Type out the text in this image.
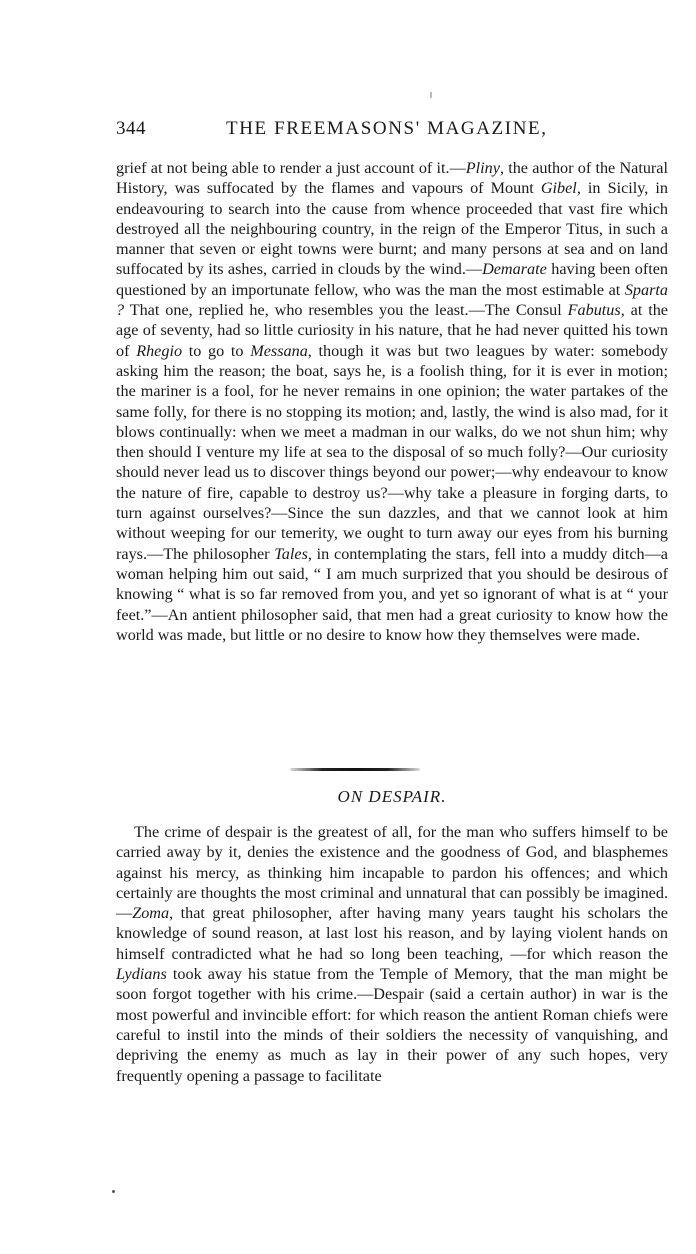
344	THE FREEMASONS' MAGAZINE,

grief at not being able to render a just account of it.—Pliny, the author of the Natural History, was suffocated by the flames and vapours of Mount Gibel, in Sicily, in endeavouring to search into the cause from whence proceeded that vast fire which destroyed all the neighbouring country, in the reign of the Emperor Titus, in such a manner that seven or eight towns were burnt; and many persons at sea and on land suffocated by its ashes, carried in clouds by the wind.—Demarate having been often questioned by an importunate fellow, who was the man the most estimable at Sparta ? That one, replied he, who resembles you the least.—The Consul Fabutus, at the age of seventy, had so little curiosity in his nature, that he had never quitted his town of Rhegio to go to Messana, though it was but two leagues by water: somebody asking him the reason; the boat, says he, is a foolish thing, for it is ever in motion; the mariner is a fool, for he never remains in one opinion; the water partakes of the same folly, for there is no stopping its motion; and, lastly, the wind is also mad, for it blows continually: when we meet a madman in our walks, do we not shun him; why then should I venture my life at sea to the disposal of so much folly?—Our curiosity should never lead us to discover things beyond our power;—why endeavour to know the nature of fire, capable to destroy us?—why take a pleasure in forging darts, to turn against ourselves?—Since the sun dazzles, and that we cannot look at him without weeping for our temerity, we ought to turn away our eyes from his burning rays.—The philosopher Tales, in contemplating the stars, fell into a muddy ditch—a woman helping him out said, “ I am much surprized that you should be desirous of knowing “ what is so far removed from you, and yet so ignorant of what is at “ your feet.”—An antient philosopher said, that men had a great curiosity to know how the world was made, but little or no desire to know how they themselves were made.

ON DESPAIR.

The crime of despair is the greatest of all, for the man who suffers himself to be carried away by it, denies the existence and the goodness of God, and blasphemes against his mercy, as thinking him incapable to pardon his offences; and which certainly are thoughts the most criminal and unnatural that can possibly be imagined.—Zoma, that great philosopher, after having many years taught his scholars the knowledge of sound reason, at last lost his reason, and by laying violent hands on himself contradicted what he had so long been teaching, —for which reason the Lydians took away his statue from the Temple of Memory, that the man might be soon forgot together with his crime.—Despair (said a certain author) in war is the most powerful and invincible effort: for which reason the antient Roman chiefs were careful to instil into the minds of their soldiers the necessity of vanquishing, and depriving the enemy as much as lay in their power of any such hopes, very frequently opening a passage to facilitate
